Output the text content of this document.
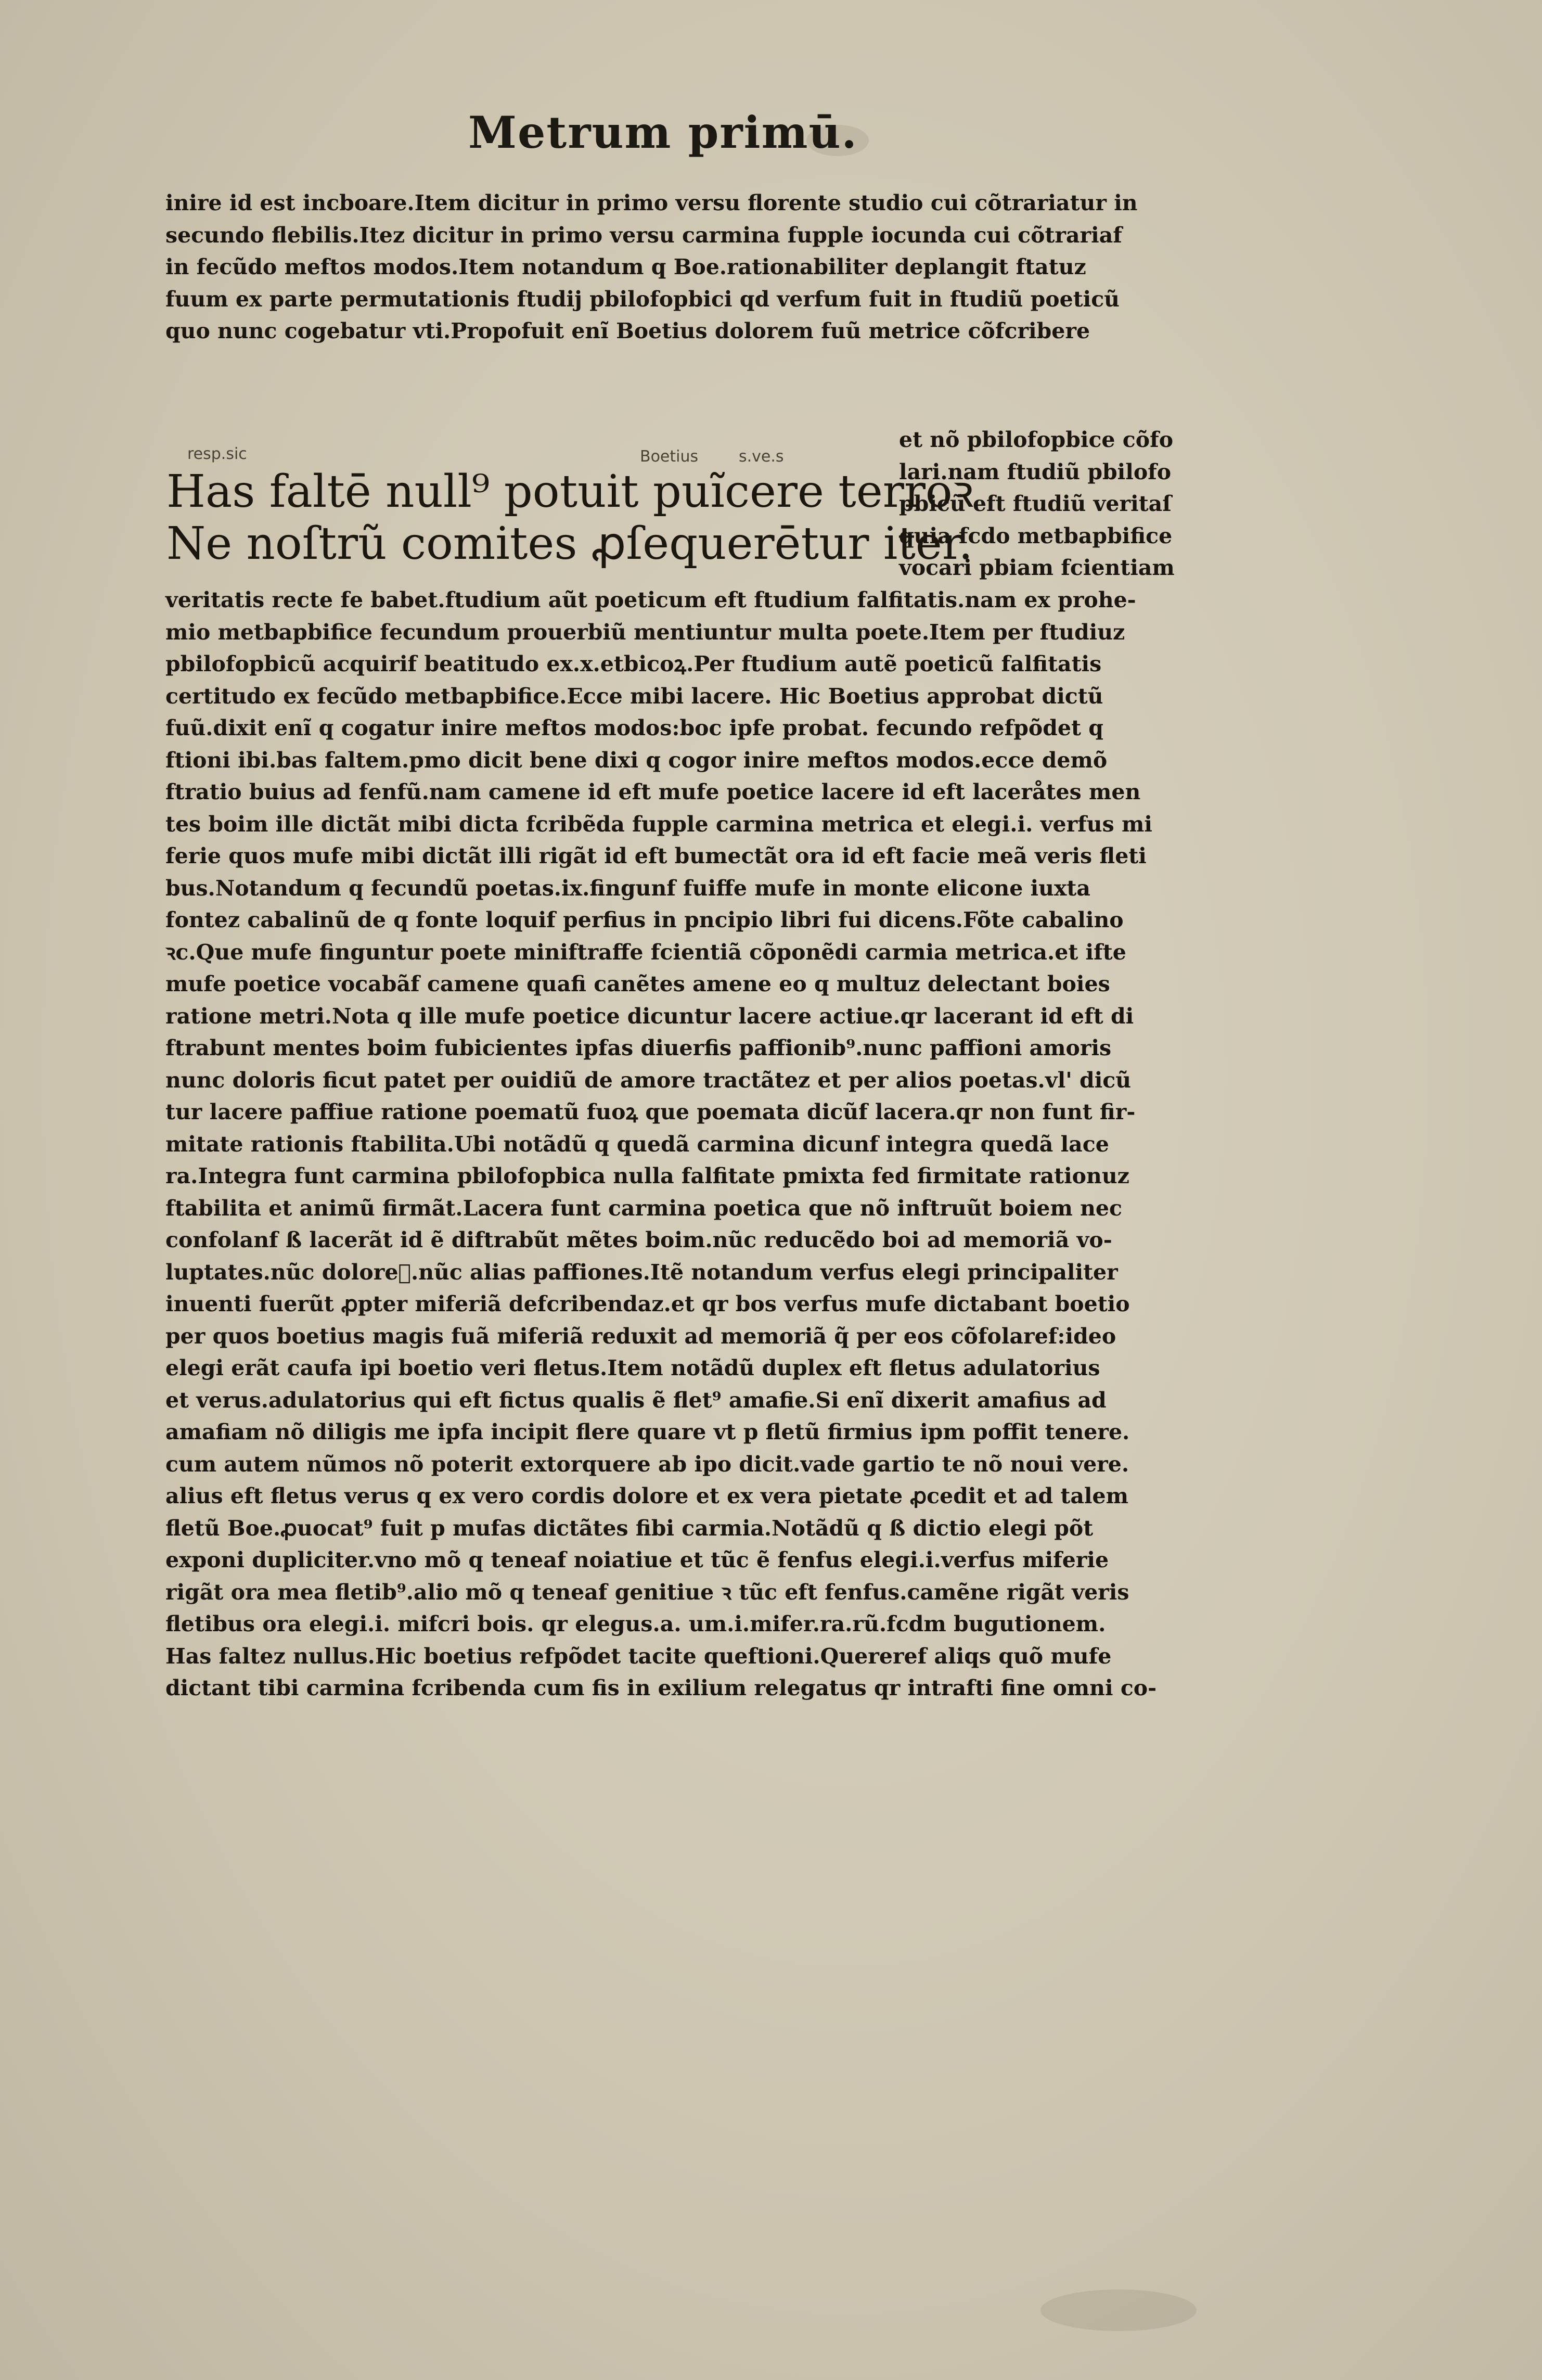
Metrum primū.
inire id est incboare.Item dicitur in primo versu florente studio cui cõtrariatur in
secundo flebilis.Itez dicitur in primo versu carmina fupple iocunda cui cõtrariaf
in fecũdo meftos modos.Item notandum q Boe.rationabiliter deplangit ftatuz
fuum ex parte permutationis ftudij pbilofopbici qd verfum fuit in ftudiũ poeticũ
quo nunc cogebatur vti.Propofuit enĩ Boetius dolorem fuũ metrice cõfcribere
resp.sic	Boetius	s.ve.s
Has faltē null⁹ potuit puĩcere terroꝛ
Ne noſtrũ comites ꝓſequerētur iter.
et nõ pbilofopbice cõfo
lari.nam ftudiũ pbilofo
pbicũ eft ftudiũ veritaſ
quia fcdo metbapbifice
vocari pbiam fcientiam
veritatis recte fe babet.ftudium aũt poeticum eft ftudium falfitatis.nam ex prohe-
mio metbapbifice fecundum prouerbiũ mentiuntur multa poete.Item per ftudiuz
pbilofopbicũ acquirif beatitudo ex.x.etbicoꝝ.Per ftudium autẽ poeticũ falfitatis
certitudo ex fecũdo metbapbifice.Ecce mibi lacere. Hic Boetius approbat dictũ
fuũ.dixit enĩ q cogatur inire meftos modos:boc ipfe probat. fecundo refpõdet q
ftioni ibi.bas faltem.pmo dicit bene dixi q cogor inire meftos modos.ecce demõ
ftratio buius ad fenfũ.nam camene id eft mufe poetice lacere id eft laceråtes men
tes boim ille dictãt mibi dicta fcribẽda fupple carmina metrica et elegi.i. verfus mi
ferie quos mufe mibi dictãt illi rigãt id eft bumectãt ora id eft facie meã veris fleti
bus.Notandum q fecundũ poetas.ix.fingunf fuiffe mufe in monte elicone iuxta
fontez cabalinũ de q fonte loquif perfius in pncipio libri fui dicens.Fõte cabalino
ꝛc.Que mufe finguntur poete miniftraffe fcientiã cõponẽdi carmia metrica.et ifte
mufe poetice vocabãf camene quafi canẽtes amene eo q multuz delectant boies
ratione metri.Nota q ille mufe poetice dicuntur lacere actiue.qr lacerant id eft di
ftrabunt mentes boim fubicientes ipfas diuerfis paffionib⁹.nunc paffioni amoris
nunc doloris ficut patet per ouidiũ de amore tractãtez et per alios poetas.vl' dicũ
tur lacere paffiue ratione poematũ fuoꝝ que poemata dicũf lacera.qr non funt fir-
mitate rationis ftabilita.Ubi notãdũ q quedã carmina dicunf integra quedã lace
ra.Integra funt carmina pbilofopbica nulla falfitate pmixta fed firmitate rationuz
ftabilita et animũ firmãt.Lacera funt carmina poetica que nõ inftruũt boiem nec
confolanf ß lacerãt id ẽ diftrabũt mẽtes boim.nũc reducẽdo boi ad memoriã vo-
luptates.nũc doloreᷓ.nũc alias paffiones.Itẽ notandum verfus elegi principaliter
inuenti fuerũt ꝓpter miferiã defcribendaz.et qr bos verfus mufe dictabant boetio
per quos boetius magis fuã miferiã reduxit ad memoriã q̃ per eos cõfolaref:ideo
elegi erãt caufa ipi boetio veri fletus.Item notãdũ duplex eft fletus adulatorius
et verus.adulatorius qui eft fictus qualis ẽ flet⁹ amafie.Si enĩ dixerit amafius ad
amafiam nõ diligis me ipfa incipit flere quare vt p fletũ firmius ipm poffit tenere.
cum autem nũmos nõ poterit extorquere ab ipo dicit.vade gartio te nõ noui vere.
alius eft fletus verus q ex vero cordis dolore et ex vera pietate ꝓcedit et ad talem
fletũ Boe.ꝓuocat⁹ fuit p mufas dictãtes fibi carmia.Notãdũ q ß dictio elegi põt
exponi dupliciter.vno mõ q teneaf noiatiue et tũc ẽ fenfus elegi.i.verfus miferie
rigãt ora mea fletib⁹.alio mõ q teneaf genitiue ꝛ tũc eft fenfus.camẽne rigãt veris
fletibus ora elegi.i. mifcri bois. qr elegus.a. um.i.mifer.ra.rũ.fcdm bugutionem.
Has faltez nullus.Hic boetius refpõdet tacite queftioni.Quereref aliqs quõ mufe
dictant tibi carmina fcribenda cum fis in exilium relegatus qr intrafti fine omni co-
